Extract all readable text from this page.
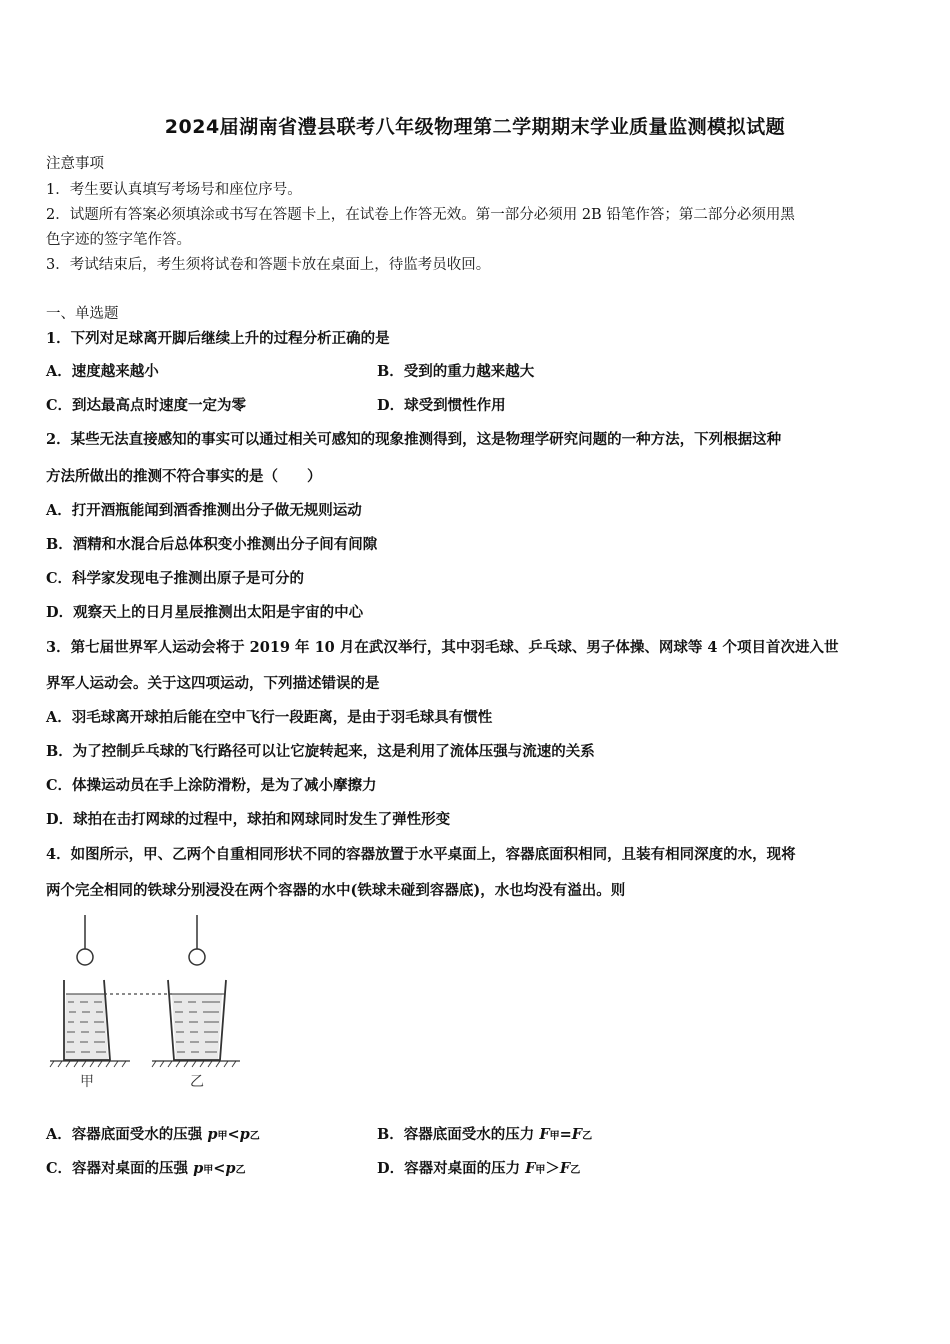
2024届湖南省澧县联考八年级物理第二学期期末学业质量监测模拟试题
注意事项
1．考生要认真填写考场号和座位序号。
2．试题所有答案必须填涂或书写在答题卡上，在试卷上作答无效。第一部分必须用 2B 铅笔作答；第二部分必须用黑
色字迹的签字笔作答。
3．考试结束后，考生须将试卷和答题卡放在桌面上，待监考员收回。
一、单选题
1．下列对足球离开脚后继续上升的过程分析正确的是
A．速度越来越小	B．受到的重力越来越大
C．到达最高点时速度一定为零	D．球受到惯性作用
2．某些无法直接感知的事实可以通过相关可感知的现象推测得到，这是物理学研究问题的一种方法，下列根据这种
方法所做出的推测不符合事实的是（　　）
A．打开酒瓶能闻到酒香推测出分子做无规则运动
B．酒精和水混合后总体积变小推测出分子间有间隙
C．科学家发现电子推测出原子是可分的
D．观察天上的日月星辰推测出太阳是宇宙的中心
3．第七届世界军人运动会将于 2019 年 10 月在武汉举行，其中羽毛球、乒乓球、男子体操、网球等 4 个项目首次进入世
界军人运动会。关于这四项运动，下列描述错误的是
A．羽毛球离开球拍后能在空中飞行一段距离，是由于羽毛球具有惯性
B．为了控制乒乓球的飞行路径可以让它旋转起来，这是利用了流体压强与流速的关系
C．体操运动员在手上涂防滑粉，是为了减小摩擦力
D．球拍在击打网球的过程中，球拍和网球同时发生了弹性形变
4．如图所示，甲、乙两个自重相同形状不同的容器放置于水平桌面上，容器底面积相同，且装有相同深度的水，现将
两个完全相同的铁球分别浸没在两个容器的水中(铁球未碰到容器底)，水也均没有溢出。则
甲	乙
A．容器底面受水的压强 p甲<p乙	B．容器底面受水的压力 F甲=F乙
C．容器对桌面的压强 p甲<p乙	D．容器对桌面的压力 F甲＞F乙
